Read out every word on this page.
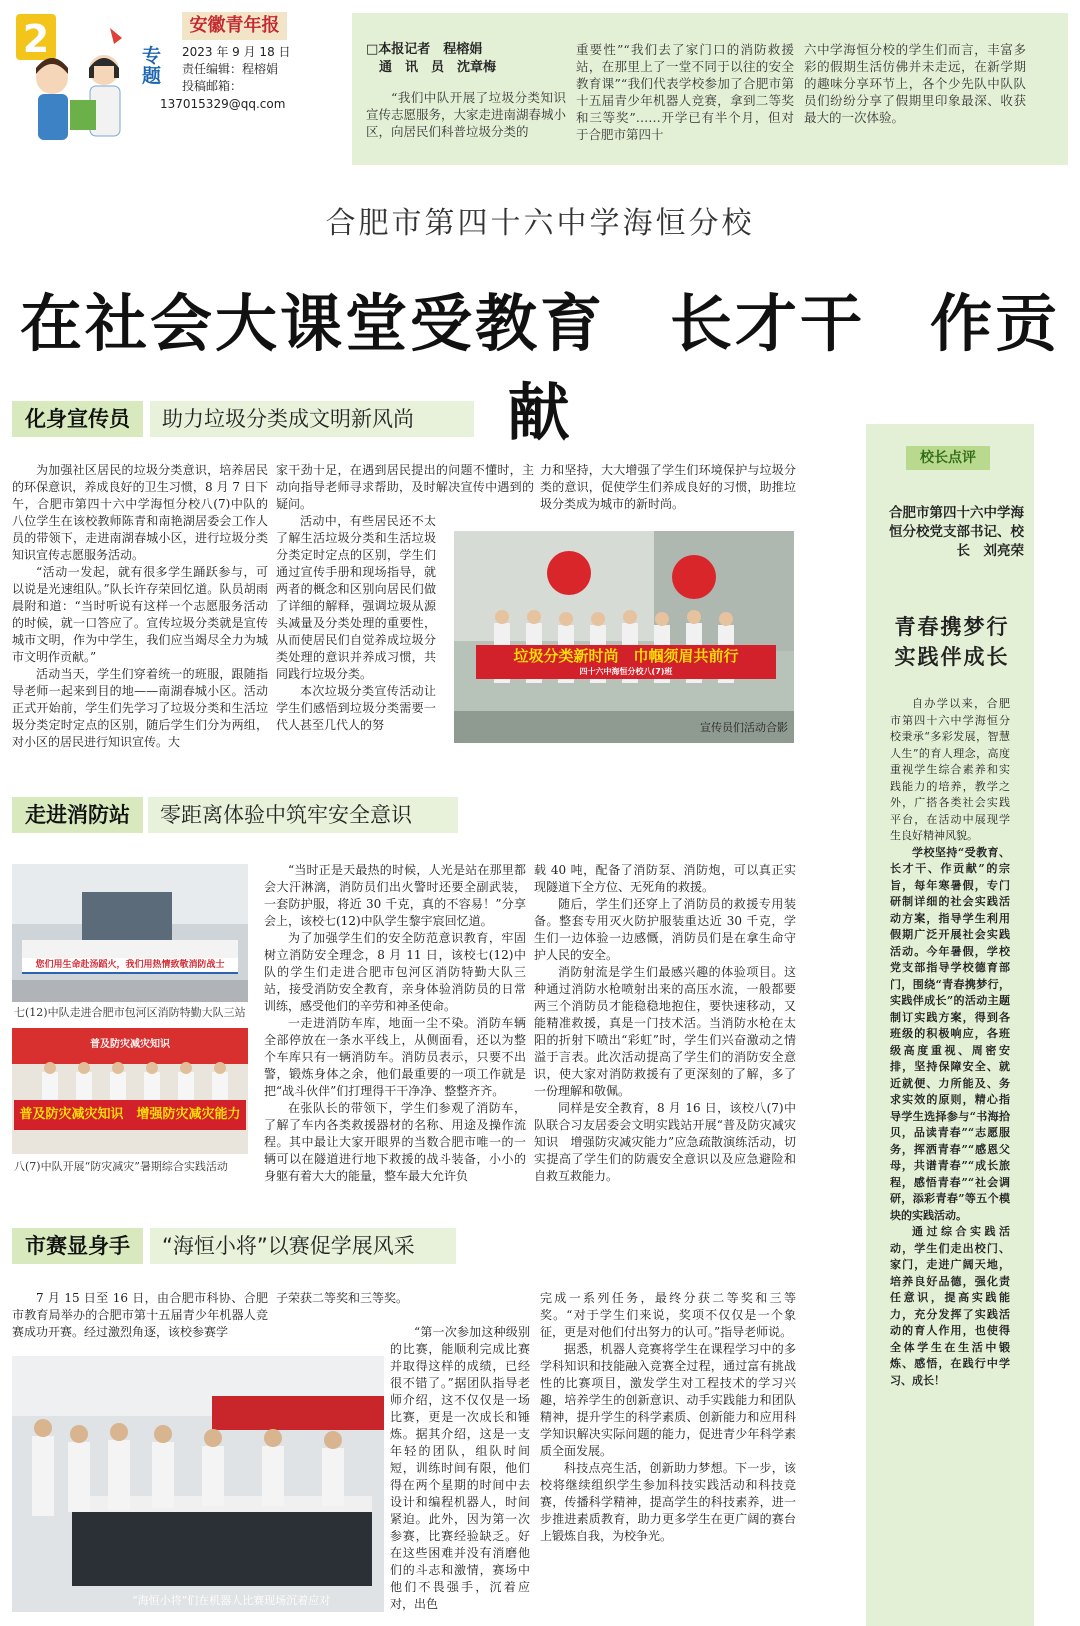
2	专题
安徽青年报
2023 年 9 月 18 日
责任编辑：程榕娟
投稿邮箱：
137015329@qq.com
□本报记者　程榕娟
　通　讯　员　沈章梅
“我们中队开展了垃圾分类知识宣传志愿服务，大家走进南湖春城小区，向居民们科普垃圾分类的
重要性”“我们去了家门口的消防救援站，在那里上了一堂不同于以往的安全教育课”“我们代表学校参加了合肥市第十五届青少年机器人竞赛，拿到二等奖和三等奖”……开学已有半个月，但对于合肥市第四十
六中学海恒分校的学生们而言，丰富多彩的假期生活仿佛并未走远，在新学期的趣味分享环节上，各个少先队中队队员们纷纷分享了假期里印象最深、收获最大的一次体验。
合肥市第四十六中学海恒分校
在社会大课堂受教育　长才干　作贡献
化身宣传员	助力垃圾分类成文明新风尚

为加强社区居民的垃圾分类意识，培养居民的环保意识，养成良好的卫生习惯，8 月 7 日下午，合肥市第四十六中学海恒分校八(7)中队的八位学生在该校教师陈青和南艳湖居委会工作人员的带领下，走进南湖春城小区，进行垃圾分类知识宣传志愿服务活动。

“活动一发起，就有很多学生踊跃参与，可以说是光速组队。”队长许存荣回忆道。队员胡雨晨附和道：“当时听说有这样一个志愿服务活动的时候，就一口答应了。宣传垃圾分类就是宣传城市文明，作为中学生，我们应当竭尽全力为城市文明作贡献。”

活动当天，学生们穿着统一的班服，跟随指导老师一起来到目的地——南湖春城小区。活动正式开始前，学生们先学习了垃圾分类和生活垃圾分类定时定点的区别，随后学生们分为两组，对小区的居民进行知识宣传。大

家干劲十足，在遇到居民提出的问题不懂时，主动向指导老师寻求帮助，及时解决宣传中遇到的疑问。

活动中，有些居民还不太了解生活垃圾分类和生活垃圾分类定时定点的区别，学生们通过宣传手册和现场指导，就两者的概念和区别向居民们做了详细的解释，强调垃圾从源头减量及分类处理的重要性，从而使居民们自觉养成垃圾分类处理的意识并养成习惯，共同践行垃圾分类。

本次垃圾分类宣传活动让学生们感悟到垃圾分类需要一代人甚至几代人的努

力和坚持，大大增强了学生们环境保护与垃圾分类的意识，促使学生们养成良好的习惯，助推垃圾分类成为城市的新时尚。

垃圾分类新时尚　巾帼须眉共前行
四十六中海恒分校八(7)班
宣传员们活动合影
走进消防站	零距离体验中筑牢安全意识
您们用生命赴汤蹈火，我们用热情致敬消防战士
七(12)中队走进合肥市包河区消防特勤大队三站
普及防灾减灾知识
普及防灾减灾知识　增强防灾减灾能力
八(7)中队开展“防灾减灾”暑期综合实践活动

“当时正是天最热的时候，人光是站在那里都会大汗淋漓，消防员们出火警时还要全副武装，一套防护服，将近 30 千克，真的不容易！”分享会上，该校七(12)中队学生黎宇宸回忆道。

为了加强学生们的安全防范意识教育，牢固树立消防安全理念，8 月 11 日，该校七(12)中队的学生们走进合肥市包河区消防特勤大队三站，接受消防安全教育，亲身体验消防员的日常训练，感受他们的辛劳和神圣使命。

一走进消防车库，地面一尘不染。消防车辆全部停放在一条水平线上，从侧面看，还以为整个车库只有一辆消防车。消防员表示，只要不出警，锻炼身体之余，他们最重要的一项工作就是把“战斗伙伴”们打理得干干净净、整整齐齐。

在张队长的带领下，学生们参观了消防车，了解了车内各类救援器材的名称、用途及操作流程。其中最让大家开眼界的当数合肥市唯一的一辆可以在隧道进行地下救援的战斗装备，小小的身躯有着大大的能量，整车最大允许负

载 40 吨，配备了消防泵、消防炮，可以真正实现隧道下全方位、无死角的救援。

随后，学生们还穿上了消防员的救援专用装备。整套专用灭火防护服装重达近 30 千克，学生们一边体验一边感慨，消防员们是在拿生命守护人民的安全。

消防射流是学生们最感兴趣的体验项目。这种通过消防水枪喷射出来的高压水流，一般都要两三个消防员才能稳稳地抱住，要快速移动，又能精准救援，真是一门技术活。当消防水枪在太阳的折射下喷出“彩虹”时，学生们兴奋激动之情溢于言表。此次活动提高了学生们的消防安全意识，使大家对消防救援有了更深刻的了解，多了一份理解和敬佩。

同样是安全教育，8 月 16 日，该校八(7)中队联合习友居委会文明实践站开展“普及防灾减灾知识　增强防灾减灾能力”应急疏散演练活动，切实提高了学生们的防震安全意识以及应急避险和自救互救能力。

市赛显身手	“海恒小将”以赛促学展风采

7 月 15 日至 16 日，由合肥市科协、合肥市教育局举办的合肥市第十五届青少年机器人竞赛成功开赛。经过激烈角逐，该校参赛学

子荣获二等奖和三等奖。

“第一次参加这种级别的比赛，能顺利完成比赛并取得这样的成绩，已经很不错了。”据团队指导老师介绍，这不仅仅是一场比赛，更是一次成长和锤炼。据其介绍，这是一支年轻的团队，组队时间短，训练时间有限，他们得在两个星期的时间中去设计和编程机器人，时间紧迫。此外，因为第一次参赛，比赛经验缺乏。好在这些困难并没有消磨他们的斗志和激情，赛场中他们不畏强手，沉着应对，出色

完成一系列任务，最终分获二等奖和三等奖。“对于学生们来说，奖项不仅仅是一个象征，更是对他们付出努力的认可。”指导老师说。

据悉，机器人竞赛将学生在课程学习中的多学科知识和技能融入竞赛全过程，通过富有挑战性的比赛项目，激发学生对工程技术的学习兴趣，培养学生的创新意识、动手实践能力和团队精神，提升学生的科学素质、创新能力和应用科学知识解决实际问题的能力，促进青少年科学素质全面发展。

科技点亮生活，创新助力梦想。下一步，该校将继续组织学生参加科技实践活动和科技竞赛，传播科学精神，提高学生的科技素养，进一步推进素质教育，助力更多学生在更广阔的赛台上锻炼自我，为校争光。

“海恒小将”们在机器人比赛现场沉着应对
校长点评
合肥市第四十六中学海恒分校党支部书记、校长　刘亮荣
青春携梦行
实践伴成长

自办学以来，合肥市第四十六中学海恒分校秉承“多彩发展，智慧人生”的育人理念，高度重视学生综合素养和实践能力的培养，教学之外，广搭各类社会实践平台，在活动中展现学生良好精神风貌。

学校坚持“受教育、长才干、作贡献”的宗旨，每年寒暑假，专门研制详细的社会实践活动方案，指导学生利用假期广泛开展社会实践活动。今年暑假，学校党支部指导学校德育部门，围绕“青春携梦行，实践伴成长”的活动主题制订实践方案，得到各班级的积极响应，各班级高度重视、周密安排，坚持保障安全、就近就便、力所能及、务求实效的原则，精心指导学生选择参与“书海拾贝，品读青春”“志愿服务，挥洒青春”“感恩父母，共谱青春”“成长旅程，感悟青春”“社会调研，添彩青春”等五个模块的实践活动。

通过综合实践活动，学生们走出校门、家门，走进广阔天地，培养良好品德，强化责任意识，提高实践能力，充分发挥了实践活动的育人作用，也使得全体学生在生活中锻炼、感悟，在践行中学习、成长！
